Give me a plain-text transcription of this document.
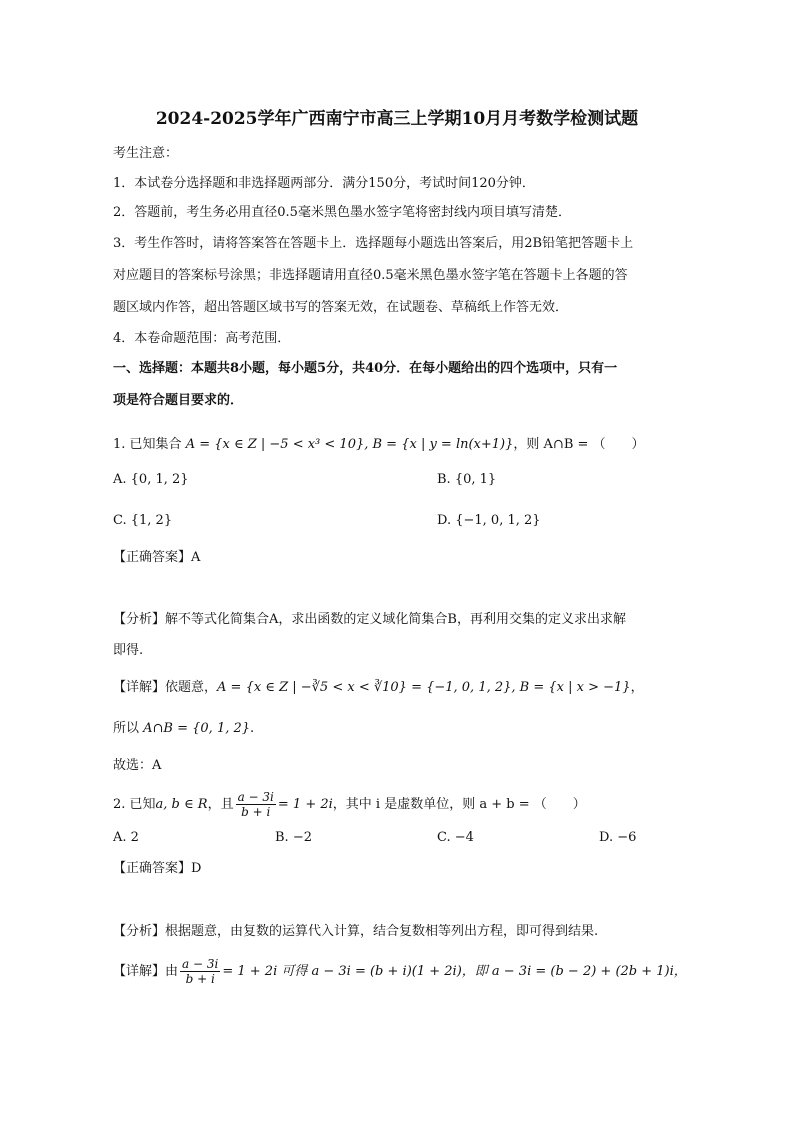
2024-2025学年广西南宁市高三上学期10月月考数学检测试题
考生注意：
1．本试卷分选择题和非选择题两部分．满分150分，考试时间120分钟．
2．答题前，考生务必用直径0.5毫米黑色墨水签字笔将密封线内项目填写清楚．
3．考生作答时，请将答案答在答题卡上．选择题每小题选出答案后，用2B铅笔把答题卡上
对应题目的答案标号涂黑；非选择题请用直径0.5毫米黑色墨水签字笔在答题卡上各题的答
题区域内作答，超出答题区域书写的答案无效，在试题卷、草稿纸上作答无效．
4．本卷命题范围：高考范围．
一、选择题：本题共8小题，每小题5分，共40分．在每小题给出的四个选项中，只有一
项是符合题目要求的．
1. 已知集合 A = {x ∈ Z | −5 < x³ < 10}, B = {x | y = ln(x+1)}，则 A∩B = （　　）
A. {0, 1, 2}	B. {0, 1}
C. {1, 2}	D. {−1, 0, 1, 2}
【正确答案】A
【分析】解不等式化简集合A，求出函数的定义域化简集合B，再利用交集的定义求出求解
即得.
【详解】依题意，A = {x ∈ Z | −∛5 < x < ∛10} = {−1, 0, 1, 2}, B = {x | x > −1}，
所以 A∩B = {0, 1, 2}.
故选：A
2. 已知a, b ∈ R，且 $\frac{a - 3i}{b + i} = 1 + 2i$，其中 i 是虚数单位，则 a + b = （　　）
A. 2	B. −2	C. −4	D. −6
【正确答案】D
【分析】根据题意，由复数的运算代入计算，结合复数相等列出方程，即可得到结果.
【详解】由 $\frac{a - 3i}{b + i} = 1 + 2i$ 可得 a − 3i = (b + i)(1 + 2i)，即 a − 3i = (b − 2) + (2b + 1)i，
